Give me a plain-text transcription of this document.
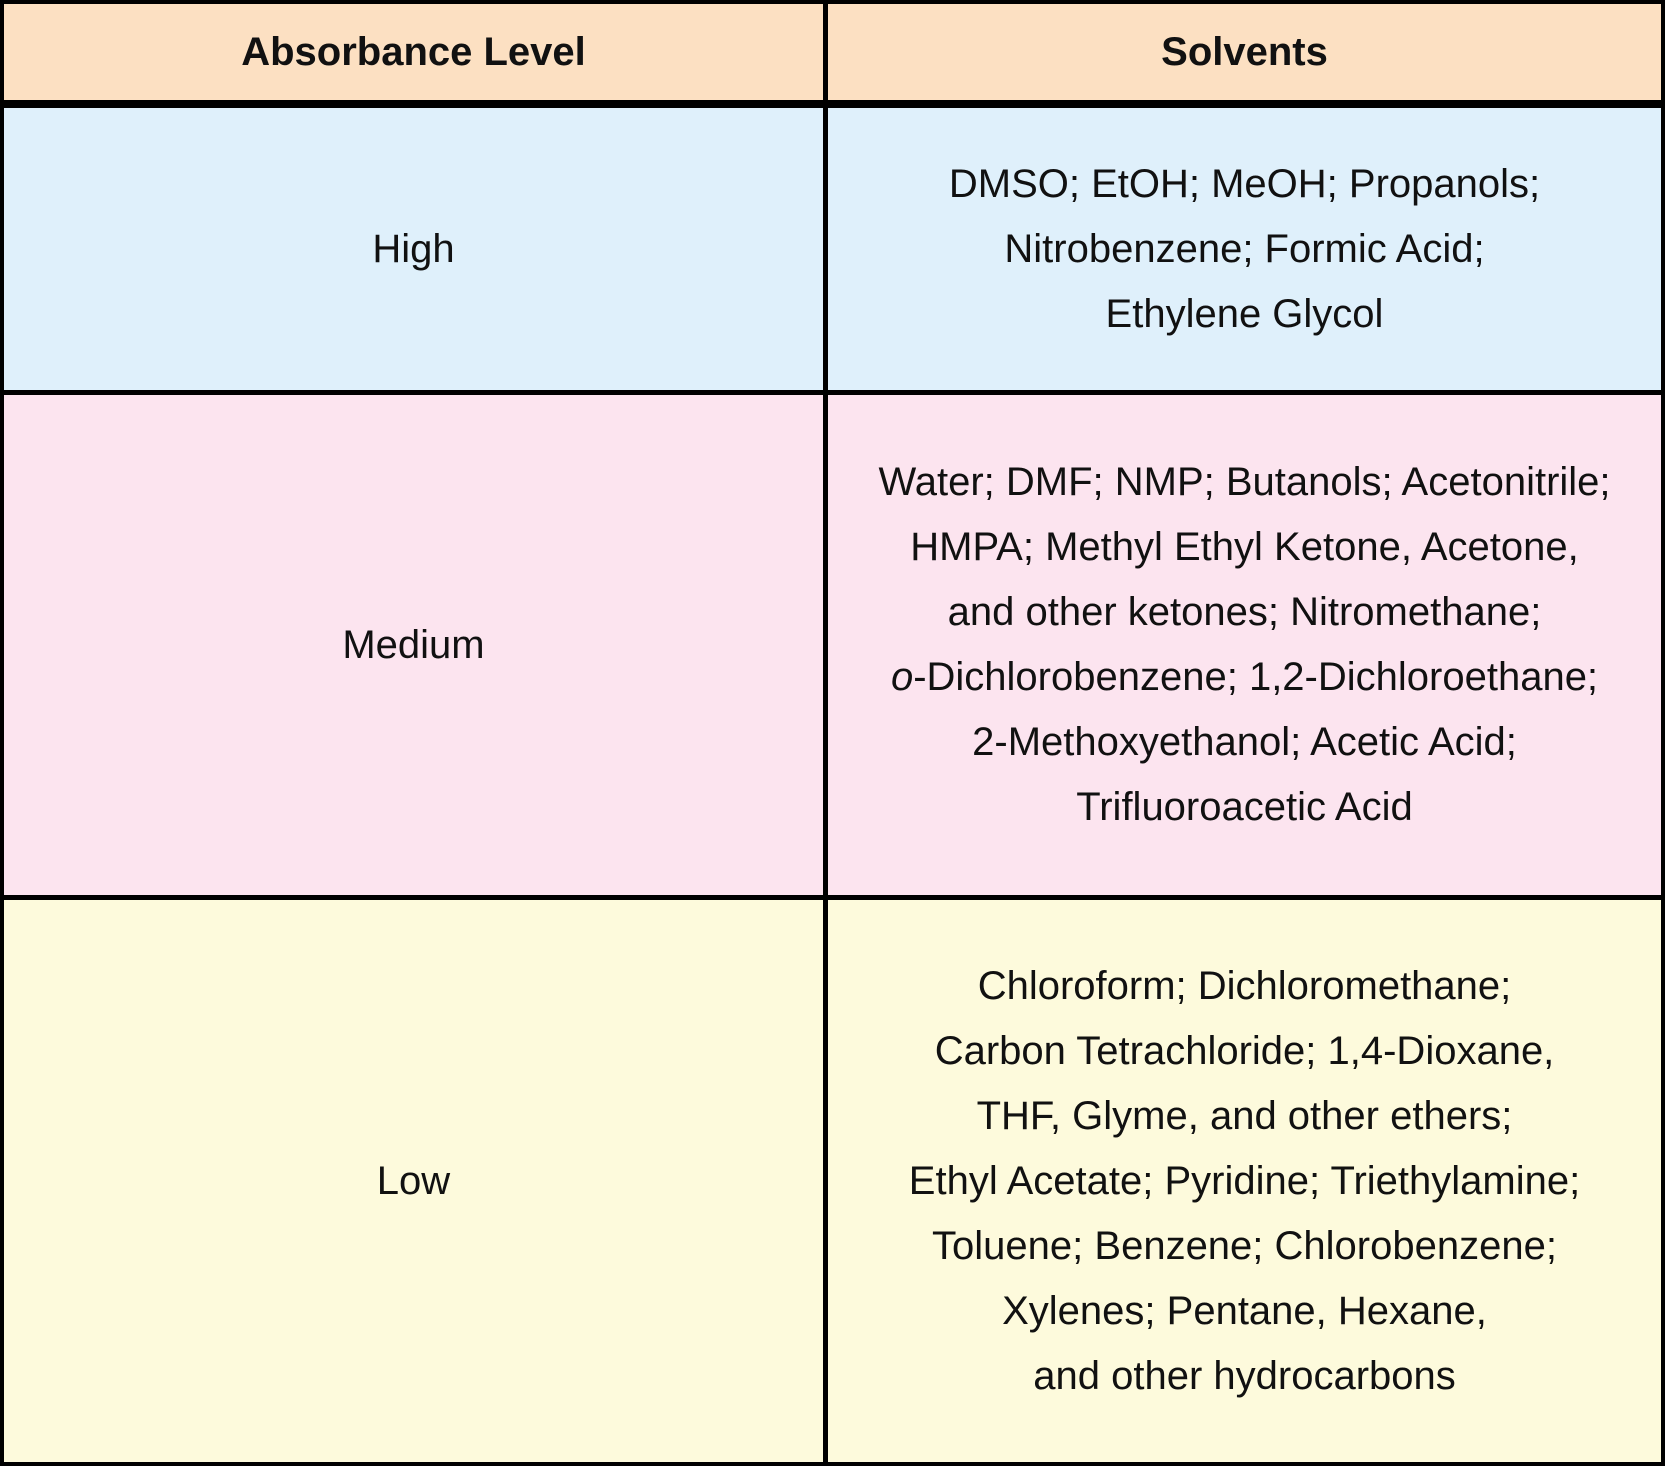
Absorbance Level	Solvents
High
DMSO; EtOH; MeOH; Propanols;
Nitrobenzene; Formic Acid;
Ethylene Glycol
Medium
Water; DMF; NMP; Butanols; Acetonitrile;
HMPA; Methyl Ethyl Ketone, Acetone,
and other ketones; Nitromethane;
o-Dichlorobenzene; 1,2-Dichloroethane;
2-Methoxyethanol; Acetic Acid;
Trifluoroacetic Acid
Low
Chloroform; Dichloromethane;
Carbon Tetrachloride; 1,4-Dioxane,
THF, Glyme, and other ethers;
Ethyl Acetate; Pyridine; Triethylamine;
Toluene; Benzene; Chlorobenzene;
Xylenes; Pentane, Hexane,
and other hydrocarbons
